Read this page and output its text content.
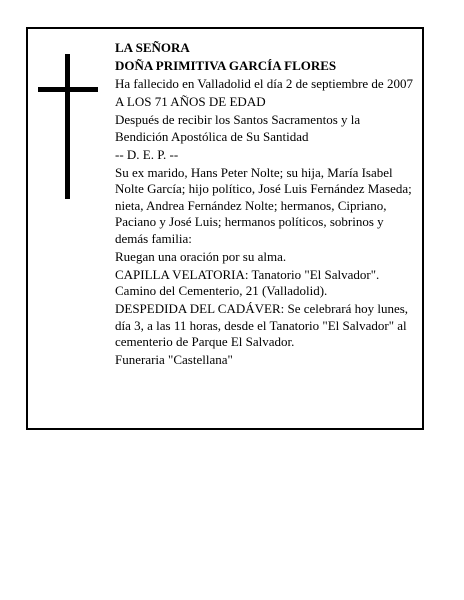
LA SEÑORA

DOÑA PRIMITIVA GARCÍA FLORES

Ha fallecido en Valladolid el día 2 de septiembre de 2007

A LOS 71 AÑOS DE EDAD

Después de recibir los Santos Sacramentos y la Bendición Apostólica de Su Santidad

-- D. E. P. --

Su ex marido, Hans Peter Nolte; su hija, María Isabel Nolte García; hijo político, José Luis Fernández Maseda; nieta, Andrea Fernández Nolte; hermanos, Cipriano, Paciano y José Luis; hermanos políticos, sobrinos y demás familia:

Ruegan una oración por su alma.

CAPILLA VELATORIA: Tanatorio "El Salvador". Camino del Cementerio, 21 (Valladolid).

DESPEDIDA DEL CADÁVER: Se celebrará hoy lunes, día 3, a las 11 horas, desde el Tanatorio "El Salvador" al cementerio de Parque El Salvador.

Funeraria "Castellana"
